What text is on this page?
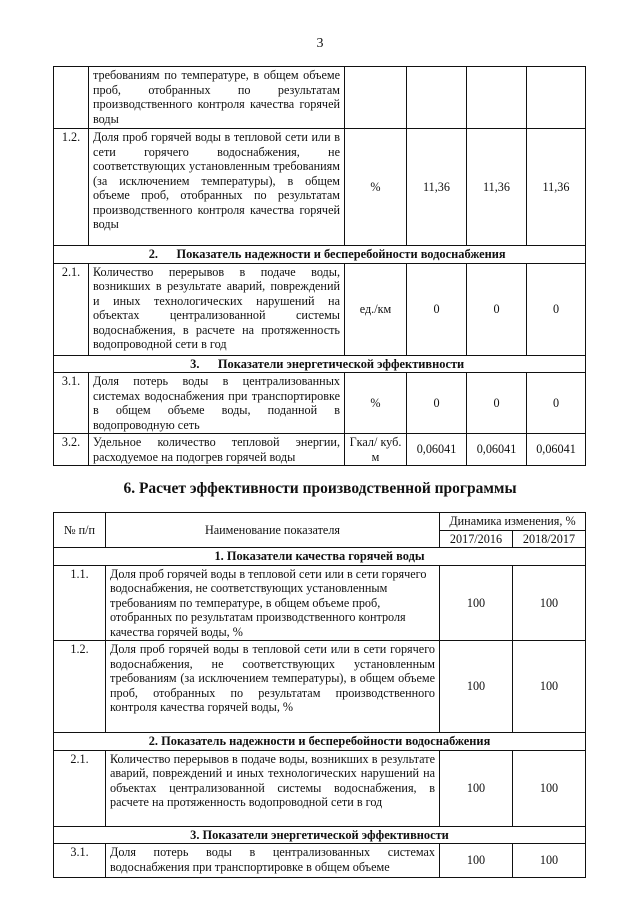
3
	требованиям по температуре, в общем объеме проб, отобранных по результатам производственного контроля качества горячей воды				
1.2.	Доля проб горячей воды в тепловой сети или в сети горячего водоснабжения, не соответствующих установленным требованиям (за исключением температуры), в общем объеме проб, отобранных по результатам производственного контроля качества горячей воды	%	11,36	11,36	11,36
2. Показатель надежности и бесперебойности водоснабжения					
2.1.	Количество перерывов в подаче воды, возникших в результате аварий, повреждений и иных технологических нарушений на объектах централизованной системы водоснабжения, в расчете на протяженность водопроводной сети в год	ед./км	0	0	0
3. Показатели энергетической эффективности					
3.1.	Доля потерь воды в централизованных системах водоснабжения при транспортировке в общем объеме воды, поданной в водопроводную сеть	%	0	0	0
3.2.	Удельное количество тепловой энергии, расходуемое на подогрев горячей воды	Гкал/ куб. м	0,06041	0,06041	0,06041
6. Расчет эффективности производственной программы
№ п/п	Наименование показателя	Динамика изменения, %	
		2017/2016	2018/2017
1. Показатели качества горячей воды			
1.1.	Доля проб горячей воды в тепловой сети или в сети горячего водоснабжения, не соответствующих установленным требованиям по температуре, в общем объеме проб, отобранных по результатам производственного контроля качества горячей воды, %	100	100
1.2.	Доля проб горячей воды в тепловой сети или в сети горячего водоснабжения, не соответствующих установленным требованиям (за исключением температуры), в общем объеме проб, отобранных по результатам производственного контроля качества горячей воды, %	100	100
2. Показатель надежности и бесперебойности водоснабжения			
2.1.	Количество перерывов в подаче воды, возникших в результате аварий, повреждений и иных технологических нарушений на объектах централизованной системы водоснабжения, в расчете на протяженность водопроводной сети в год	100	100
3. Показатели энергетической эффективности			
3.1.	Доля потерь воды в централизованных системах водоснабжения при транспортировке в общем объеме	100	100
